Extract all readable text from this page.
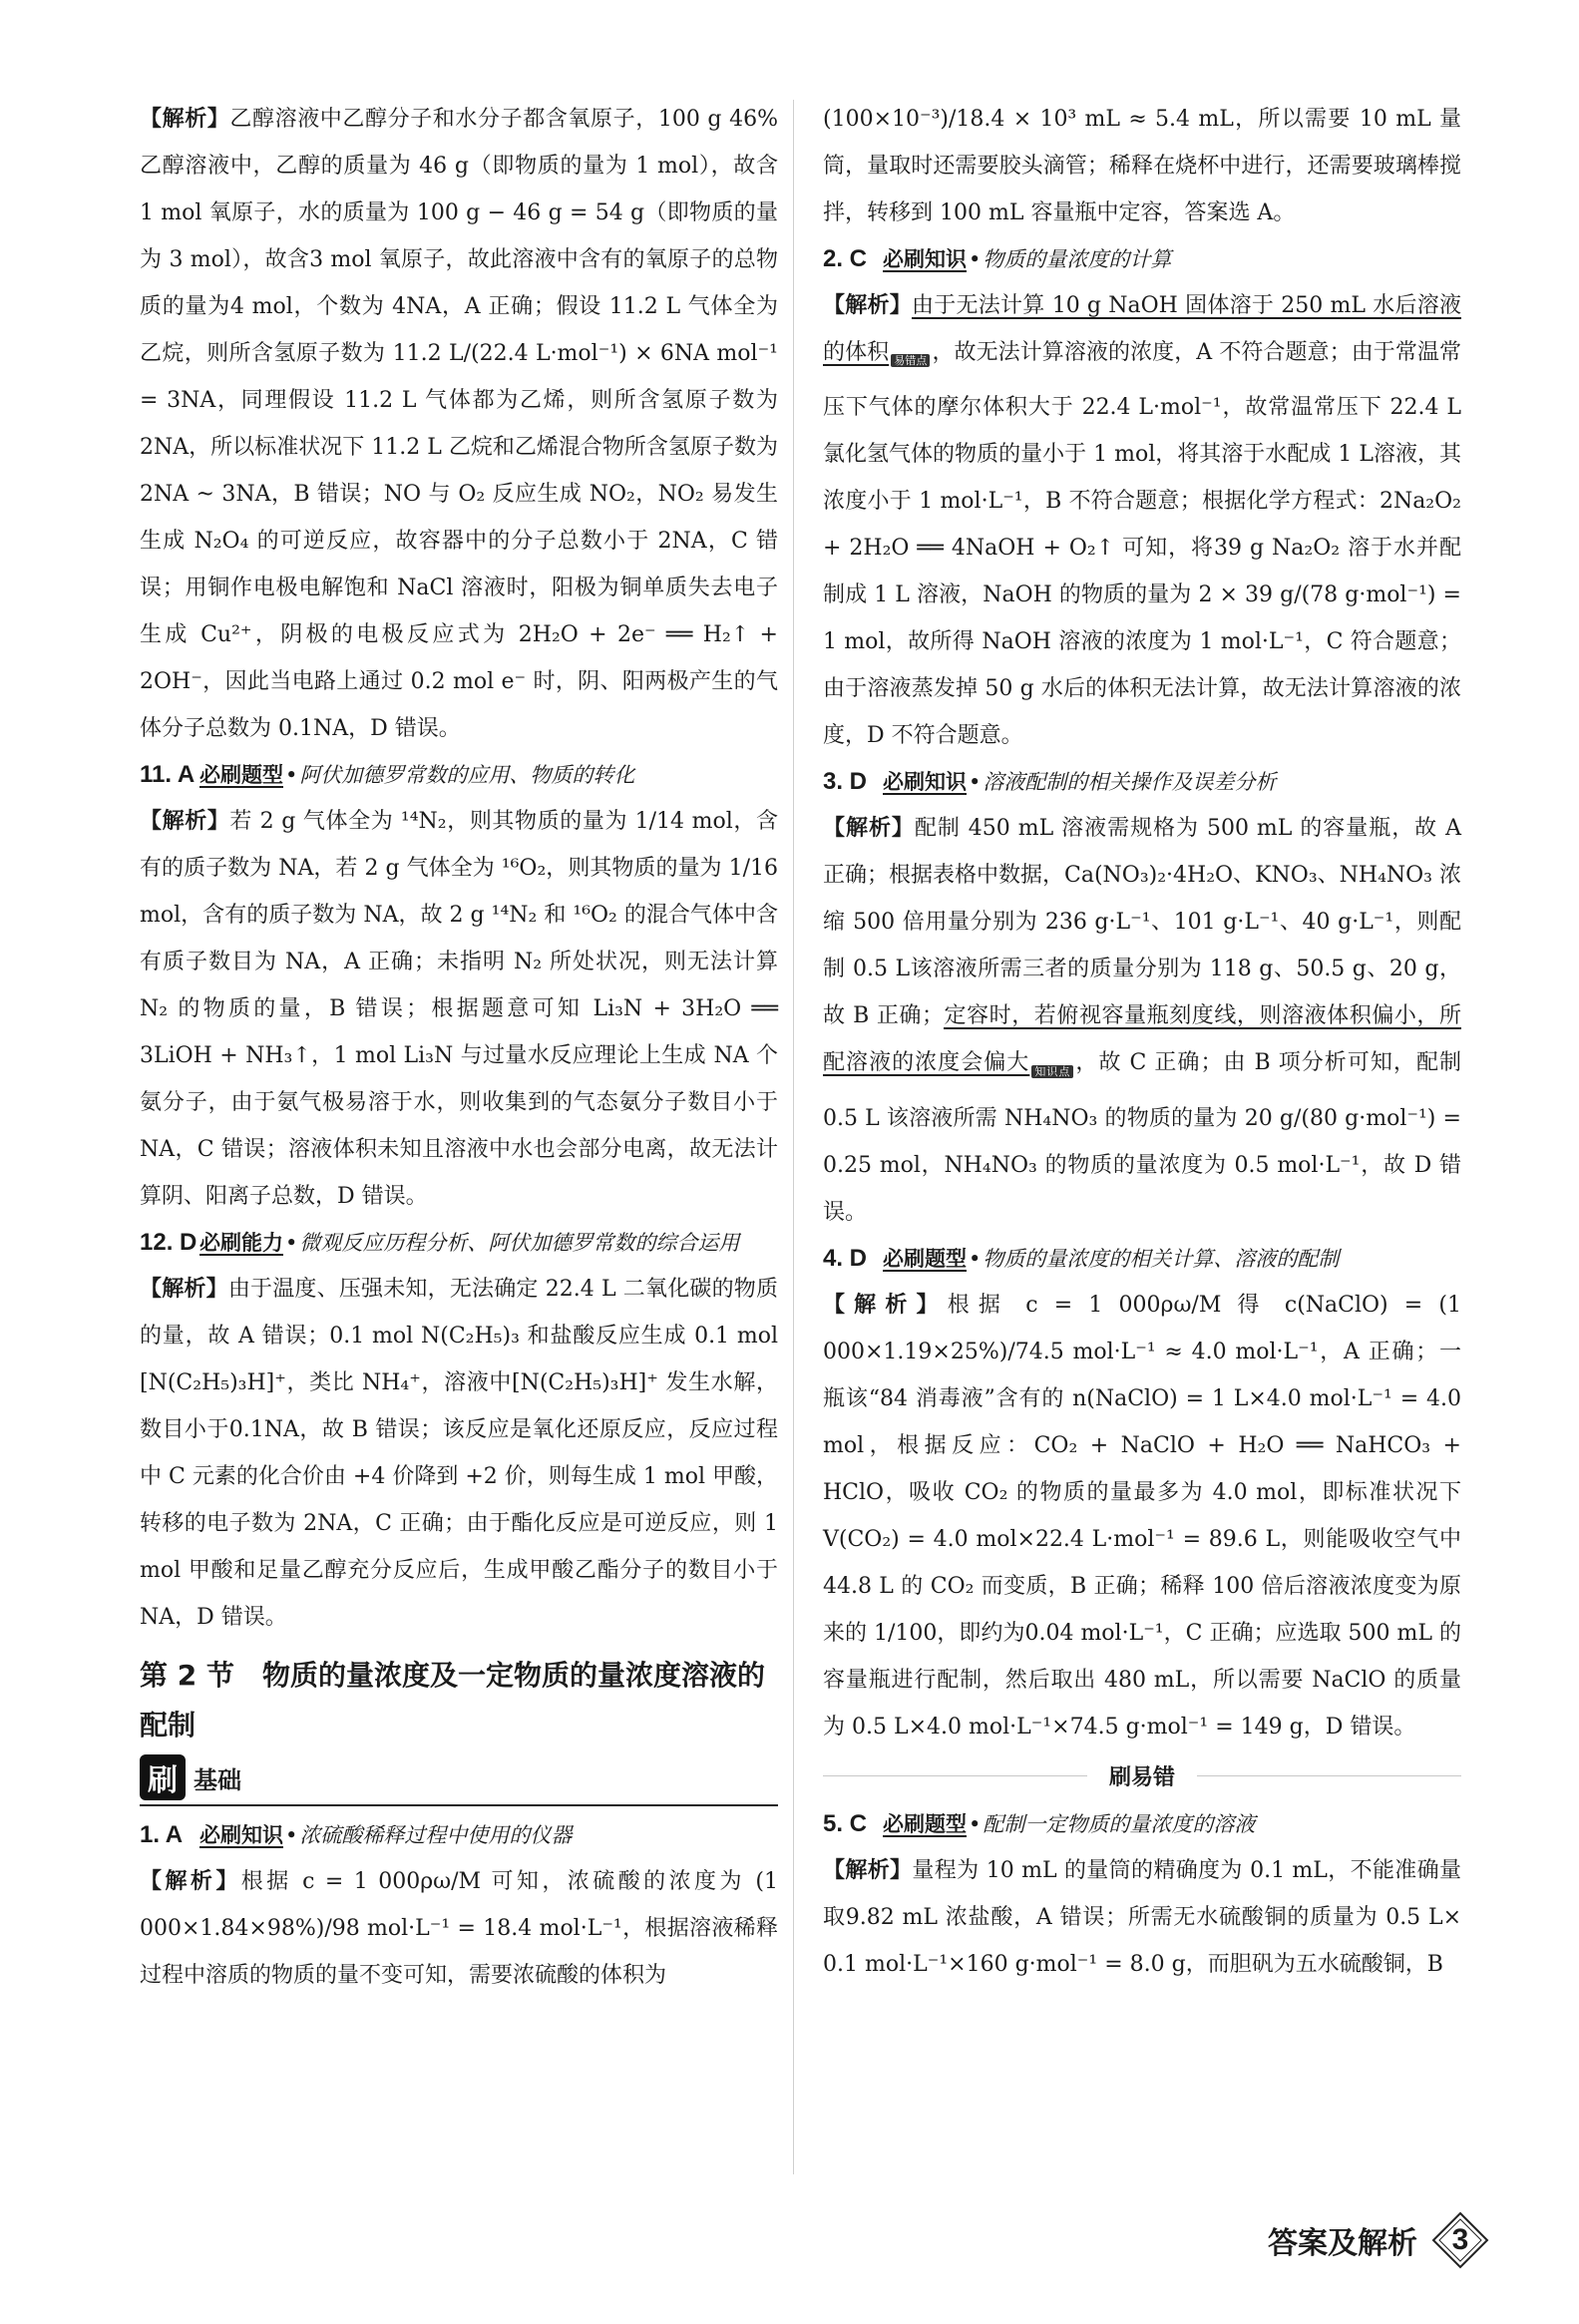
【解析】乙醇溶液中乙醇分子和水分子都含氧原子，100 g 46%乙醇溶液中，乙醇的质量为 46 g（即物质的量为 1 mol），故含 1 mol 氧原子，水的质量为 100 g − 46 g = 54 g（即物质的量为 3 mol），故含3 mol 氧原子，故此溶液中含有的氧原子的总物质的量为4 mol，个数为 4NA，A 正确；假设 11.2 L 气体全为乙烷，则所含氢原子数为 11.2 L/(22.4 L·mol⁻¹) × 6NA mol⁻¹ = 3NA，同理假设 11.2 L 气体都为乙烯，则所含氢原子数为 2NA，所以标准状况下 11.2 L 乙烷和乙烯混合物所含氢原子数为 2NA ~ 3NA，B 错误；NO 与 O₂ 反应生成 NO₂，NO₂ 易发生生成 N₂O₄ 的可逆反应，故容器中的分子总数小于 2NA，C 错误；用铜作电极电解饱和 NaCl 溶液时，阳极为铜单质失去电子生成 Cu²⁺，阴极的电极反应式为 2H₂O + 2e⁻ ══ H₂↑ + 2OH⁻，因此当电路上通过 0.2 mol e⁻ 时，阴、阳两极产生的气体分子总数为 0.1NA，D 错误。

11. A 必刷题型 • 阿伏加德罗常数的应用、物质的转化

【解析】若 2 g 气体全为 ¹⁴N₂，则其物质的量为 1/14 mol，含有的质子数为 NA，若 2 g 气体全为 ¹⁶O₂，则其物质的量为 1/16 mol，含有的质子数为 NA，故 2 g ¹⁴N₂ 和 ¹⁶O₂ 的混合气体中含有质子数目为 NA，A 正确；未指明 N₂ 所处状况，则无法计算 N₂ 的物质的量，B 错误；根据题意可知 Li₃N + 3H₂O ══ 3LiOH + NH₃↑，1 mol Li₃N 与过量水反应理论上生成 NA 个氨分子，由于氨气极易溶于水，则收集到的气态氨分子数目小于 NA，C 错误；溶液体积未知且溶液中水也会部分电离，故无法计算阴、阳离子总数，D 错误。

12. D 必刷能力 • 微观反应历程分析、阿伏加德罗常数的综合运用

【解析】由于温度、压强未知，无法确定 22.4 L 二氧化碳的物质的量，故 A 错误；0.1 mol N(C₂H₅)₃ 和盐酸反应生成 0.1 mol [N(C₂H₅)₃H]⁺，类比 NH₄⁺，溶液中[N(C₂H₅)₃H]⁺ 发生水解，数目小于0.1NA，故 B 错误；该反应是氧化还原反应，反应过程中 C 元素的化合价由 +4 价降到 +2 价，则每生成 1 mol 甲酸，转移的电子数为 2NA，C 正确；由于酯化反应是可逆反应，则 1 mol 甲酸和足量乙醇充分反应后，生成甲酸乙酯分子的数目小于 NA，D 错误。

第 2 节　物质的量浓度及一定物质的量浓度溶液的配制
刷 基础
1. A 必刷知识 • 浓硫酸稀释过程中使用的仪器

【解析】根据 c = 1 000ρω/M 可知，浓硫酸的浓度为 (1 000×1.84×98%)/98 mol·L⁻¹ = 18.4 mol·L⁻¹，根据溶液稀释过程中溶质的物质的量不变可知，需要浓硫酸的体积为

(100×10⁻³)/18.4 × 10³ mL ≈ 5.4 mL，所以需要 10 mL 量筒，量取时还需要胶头滴管；稀释在烧杯中进行，还需要玻璃棒搅拌，转移到 100 mL 容量瓶中定容，答案选 A。

2. C 必刷知识 • 物质的量浓度的计算

【解析】由于无法计算 10 g NaOH 固体溶于 250 mL 水后溶液的体积 $_{易错点}$ ，故无法计算溶液的浓度，A 不符合题意；由于常温常压下气体的摩尔体积大于 22.4 L·mol⁻¹，故常温常压下 22.4 L氯化氢气体的物质的量小于 1 mol，将其溶于水配成 1 L溶液，其浓度小于 1 mol·L⁻¹，B 不符合题意；根据化学方程式：2Na₂O₂ + 2H₂O ══ 4NaOH + O₂↑ 可知，将39 g Na₂O₂ 溶于水并配制成 1 L 溶液，NaOH 的物质的量为 2 × 39 g/(78 g·mol⁻¹) = 1 mol，故所得 NaOH 溶液的浓度为 1 mol·L⁻¹，C 符合题意；由于溶液蒸发掉 50 g 水后的体积无法计算，故无法计算溶液的浓度，D 不符合题意。

3. D 必刷知识 • 溶液配制的相关操作及误差分析

【解析】配制 450 mL 溶液需规格为 500 mL 的容量瓶，故 A 正确；根据表格中数据，Ca(NO₃)₂·4H₂O、KNO₃、NH₄NO₃ 浓缩 500 倍用量分别为 236 g·L⁻¹、101 g·L⁻¹、40 g·L⁻¹，则配制 0.5 L该溶液所需三者的质量分别为 118 g、50.5 g、20 g，故 B 正确；定容时，若俯视容量瓶刻度线，则溶液体积偏小，所配溶液的浓度会偏大 $_{知识点}$ ，故 C 正确；由 B 项分析可知，配制 0.5 L 该溶液所需 NH₄NO₃ 的物质的量为 20 g/(80 g·mol⁻¹) = 0.25 mol，NH₄NO₃ 的物质的量浓度为 0.5 mol·L⁻¹，故 D 错误。

4. D 必刷题型 • 物质的量浓度的相关计算、溶液的配制

【解析】根据 c = 1 000ρω/M 得 c(NaClO) = (1 000×1.19×25%)/74.5 mol·L⁻¹ ≈ 4.0 mol·L⁻¹，A 正确；一瓶该“84 消毒液”含有的 n(NaClO) = 1 L×4.0 mol·L⁻¹ = 4.0 mol，根据反应：CO₂ + NaClO + H₂O ══ NaHCO₃ + HClO，吸收 CO₂ 的物质的量最多为 4.0 mol，即标准状况下 V(CO₂) = 4.0 mol×22.4 L·mol⁻¹ = 89.6 L，则能吸收空气中 44.8 L 的 CO₂ 而变质，B 正确；稀释 100 倍后溶液浓度变为原来的 1/100，即约为0.04 mol·L⁻¹，C 正确；应选取 500 mL 的容量瓶进行配制，然后取出 480 mL，所以需要 NaClO 的质量为 0.5 L×4.0 mol·L⁻¹×74.5 g·mol⁻¹ = 149 g，D 错误。

刷易错
5. C 必刷题型 • 配制一定物质的量浓度的溶液

【解析】量程为 10 mL 的量筒的精确度为 0.1 mL，不能准确量取9.82 mL 浓盐酸，A 错误；所需无水硫酸铜的质量为 0.5 L× 0.1 mol·L⁻¹×160 g·mol⁻¹ = 8.0 g，而胆矾为五水硫酸铜，B

答案及解析 3
